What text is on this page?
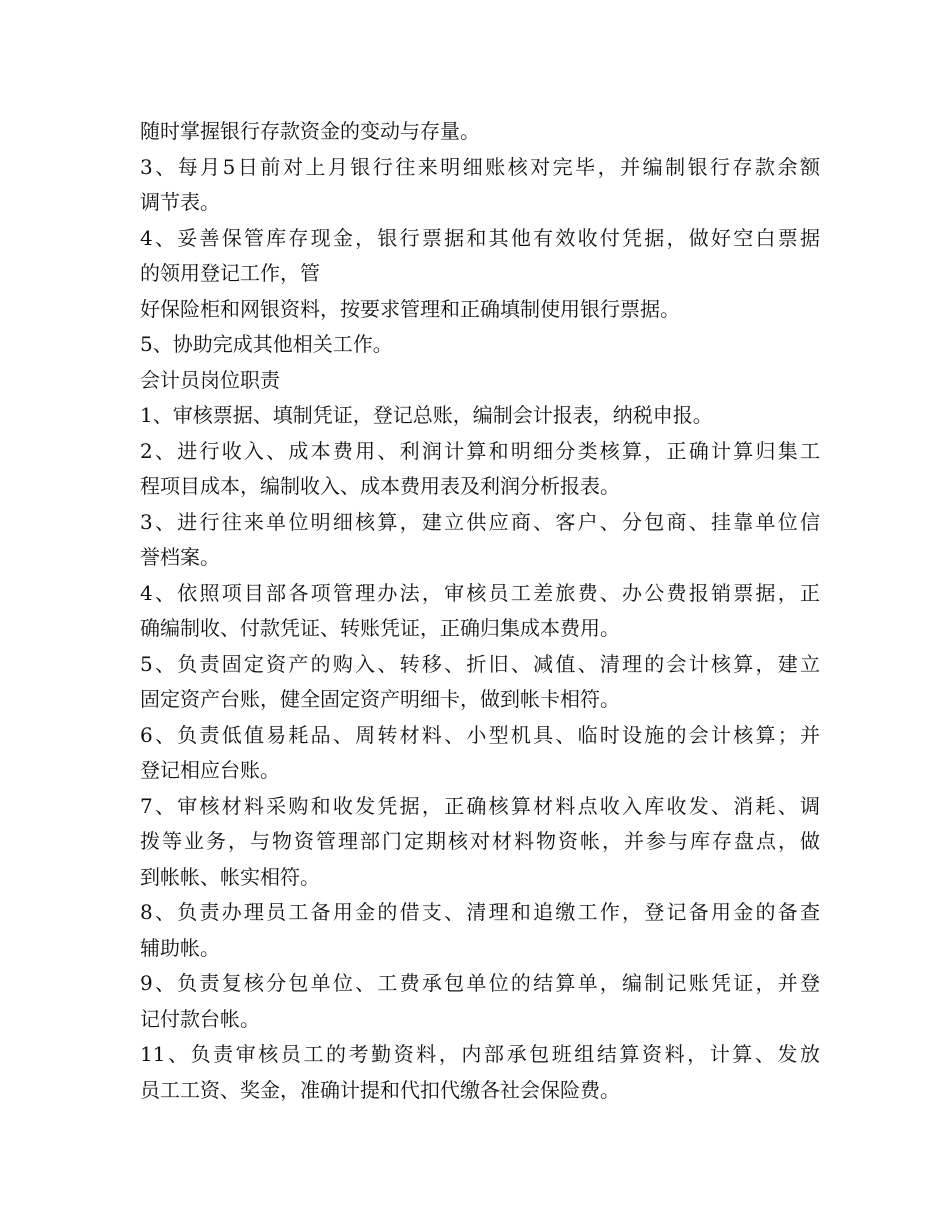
随时掌握银行存款资金的变动与存量。
3、每月5日前对上月银行往来明细账核对完毕，并编制银行存款余额
调节表。
4、妥善保管库存现金，银行票据和其他有效收付凭据，做好空白票据
的领用登记工作，管
好保险柜和网银资料，按要求管理和正确填制使用银行票据。
5、协助完成其他相关工作。
会计员岗位职责
1、审核票据、填制凭证，登记总账，编制会计报表，纳税申报。
2、进行收入、成本费用、利润计算和明细分类核算，正确计算归集工
程项目成本，编制收入、成本费用表及利润分析报表。
3、进行往来单位明细核算，建立供应商、客户、分包商、挂靠单位信
誉档案。
4、依照项目部各项管理办法，审核员工差旅费、办公费报销票据，正
确编制收、付款凭证、转账凭证，正确归集成本费用。
5、负责固定资产的购入、转移、折旧、减值、清理的会计核算，建立
固定资产台账，健全固定资产明细卡，做到帐卡相符。
6、负责低值易耗品、周转材料、小型机具、临时设施的会计核算；并
登记相应台账。
7、审核材料采购和收发凭据，正确核算材料点收入库收发、消耗、调
拨等业务，与物资管理部门定期核对材料物资帐，并参与库存盘点，做
到帐帐、帐实相符。
8、负责办理员工备用金的借支、清理和追缴工作，登记备用金的备查
辅助帐。
9、负责复核分包单位、工费承包单位的结算单，编制记账凭证，并登
记付款台帐。
11、负责审核员工的考勤资料，内部承包班组结算资料，计算、发放
员工工资、奖金，准确计提和代扣代缴各社会保险费。
